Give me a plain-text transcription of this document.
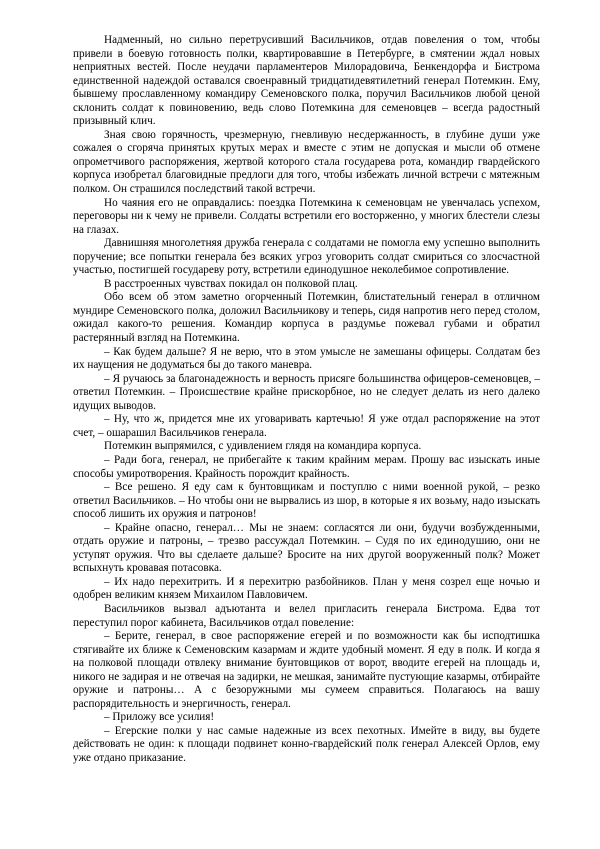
Надменный, но сильно перетрусивший Васильчиков, отдав повеления о том, чтобы привели в боевую готовность полки, квартировавшие в Петербурге, в смятении ждал новых неприятных вестей. После неудачи парламентеров Милорадовича, Бенкендорфа и Бистрома единственной надеждой оставался своенравный тридцатидевятилетний генерал Потемкин. Ему, бывшему прославленному командиру Семеновского полка, поручил Васильчиков любой ценой склонить солдат к повиновению, ведь слово Потемкина для семеновцев – всегда радостный призывный клич.

Зная свою горячность, чрезмерную, гневливую несдержанность, в глубине души уже сожалея о сгоряча принятых крутых мерах и вместе с этим не допуская и мысли об отмене опрометчивого распоряжения, жертвой которого стала государева рота, командир гвардейского корпуса изобретал благовидные предлоги для того, чтобы избежать личной встречи с мятежным полком. Он страшился последствий такой встречи.

Но чаяния его не оправдались: поездка Потемкина к семеновцам не увенчалась успехом, переговоры ни к чему не привели. Солдаты встретили его восторженно, у многих блестели слезы на глазах.

Давнишняя многолетняя дружба генерала с солдатами не помогла ему успешно выполнить поручение; все попытки генерала без всяких угроз уговорить солдат смириться со злосчастной участью, постигшей государеву роту, встретили единодушное неколебимое сопротивление.

В расстроенных чувствах покидал он полковой плац.

Обо всем об этом заметно огорченный Потемкин, блистательный генерал в отличном мундире Семеновского полка, доложил Васильчикову и теперь, сидя напротив него перед столом, ожидал какого-то решения. Командир корпуса в раздумье пожевал губами и обратил растерянный взгляд на Потемкина.

– Как будем дальше? Я не верю, что в этом умысле не замешаны офицеры. Солдатам без их наущения не додуматься бы до такого маневра.

– Я ручаюсь за благонадежность и верность присяге большинства офицеров-семеновцев, – ответил Потемкин. – Происшествие крайне прискорбное, но не следует делать из него далеко идущих выводов.

– Ну, что ж, придется мне их уговаривать картечью! Я уже отдал распоряжение на этот счет, – ошарашил Васильчиков генерала.

Потемкин выпрямился, с удивлением глядя на командира корпуса.

– Ради бога, генерал, не прибегайте к таким крайним мерам. Прошу вас изыскать иные способы умиротворения. Крайность порождит крайность.

– Все решено. Я еду сам к бунтовщикам и поступлю с ними военной рукой, – резко ответил Васильчиков. – Но чтобы они не вырвались из шор, в которые я их возьму, надо изыскать способ лишить их оружия и патронов!

– Крайне опасно, генерал… Мы не знаем: согласятся ли они, будучи возбужденными, отдать оружие и патроны, – трезво рассуждал Потемкин. – Судя по их единодушию, они не уступят оружия. Что вы сделаете дальше? Бросите на них другой вооруженный полк? Может вспыхнуть кровавая потасовка.

– Их надо перехитрить. И я перехитрю разбойников. План у меня созрел еще ночью и одобрен великим князем Михаилом Павловичем.

Васильчиков вызвал адъютанта и велел пригласить генерала Бистрома. Едва тот переступил порог кабинета, Васильчиков отдал повеление:

– Берите, генерал, в свое распоряжение егерей и по возможности как бы исподтишка стягивайте их ближе к Семеновским казармам и ждите удобный момент. Я еду в полк. И когда я на полковой площади отвлеку внимание бунтовщиков от ворот, вводите егерей на площадь и, никого не задирая и не отвечая на задирки, не мешкая, занимайте пустующие казармы, отбирайте оружие и патроны… А с безоружными мы сумеем справиться. Полагаюсь на вашу распорядительность и энергичность, генерал.

– Приложу все усилия!

– Егерские полки у нас самые надежные из всех пехотных. Имейте в виду, вы будете действовать не один: к площади подвинет конно-гвардейский полк генерал Алексей Орлов, ему уже отдано приказание.
